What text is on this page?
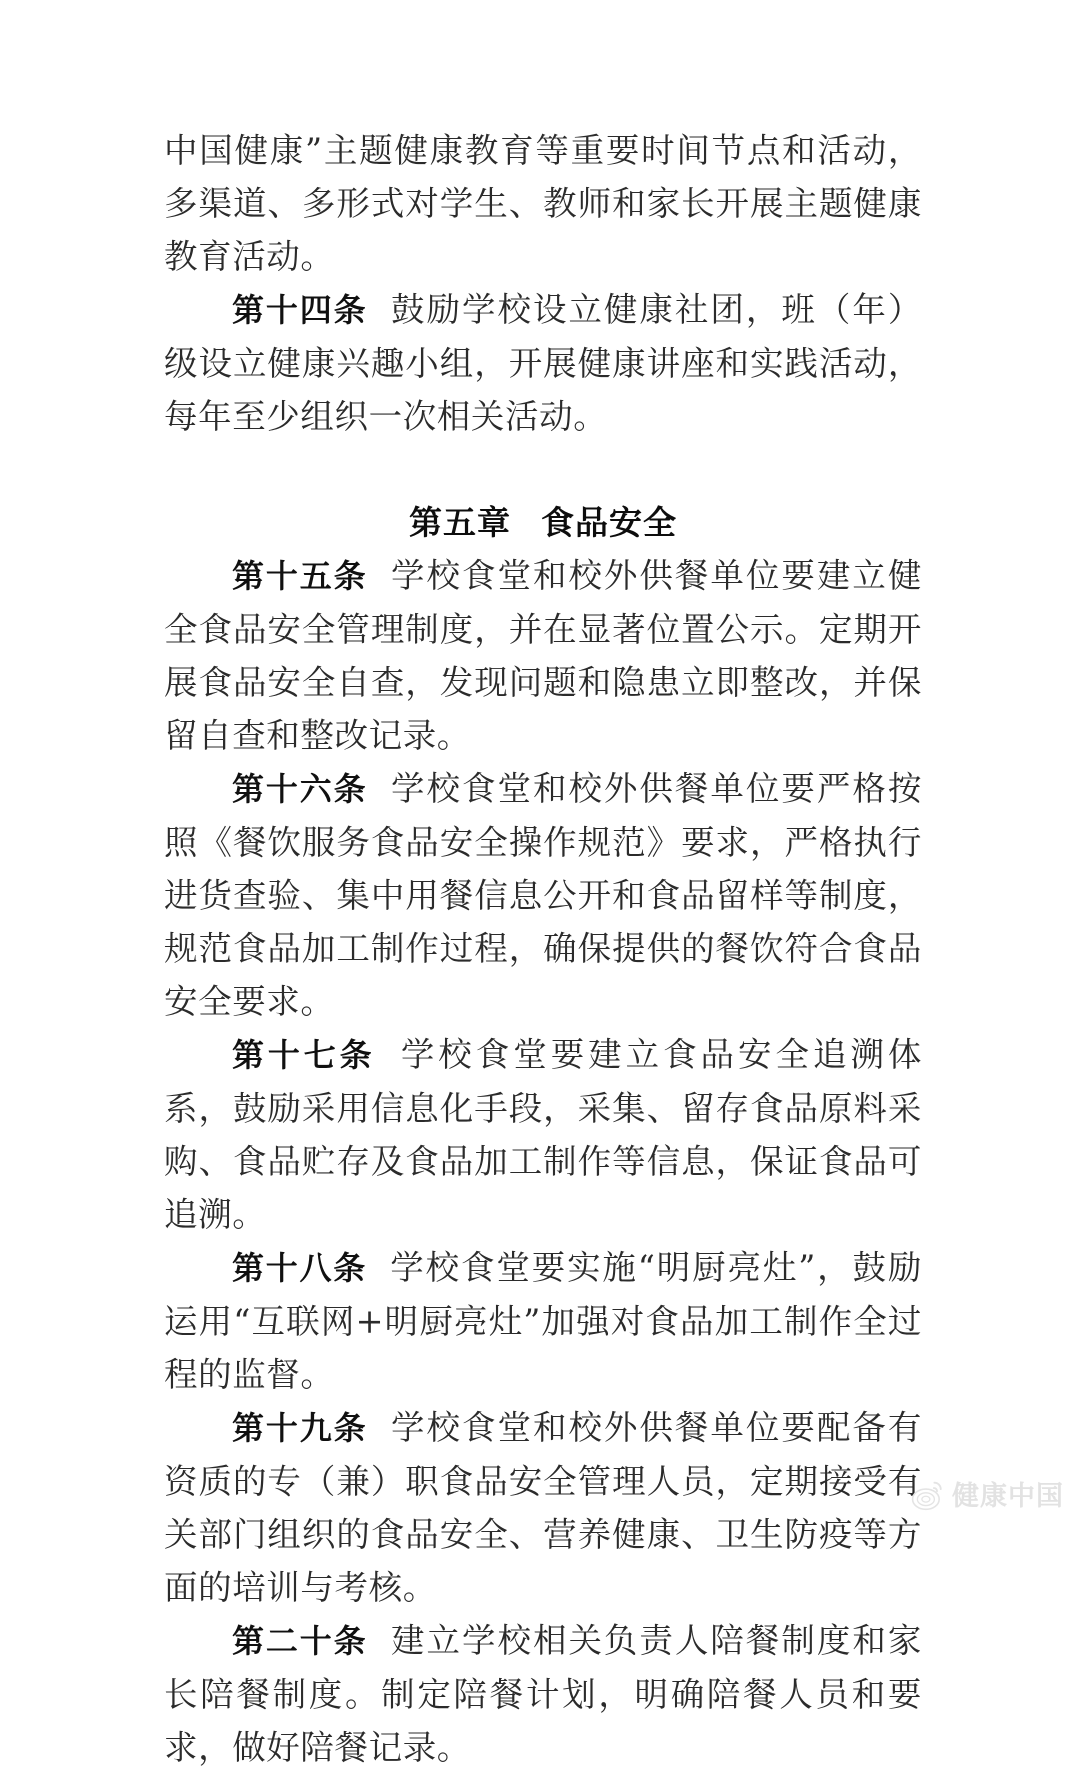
中国健康”主题健康教育等重要时间节点和活动，多渠道、多形式对学生、教师和家长开展主题健康教育活动。

第十四条 鼓励学校设立健康社团，班（年）级设立健康兴趣小组，开展健康讲座和实践活动，每年至少组织一次相关活动。

第五章 食品安全

第十五条 学校食堂和校外供餐单位要建立健全食品安全管理制度，并在显著位置公示。定期开展食品安全自查，发现问题和隐患立即整改，并保留自查和整改记录。

第十六条 学校食堂和校外供餐单位要严格按照《餐饮服务食品安全操作规范》要求，严格执行进货查验、集中用餐信息公开和食品留样等制度，规范食品加工制作过程，确保提供的餐饮符合食品安全要求。

第十七条 学校食堂要建立食品安全追溯体系，鼓励采用信息化手段，采集、留存食品原料采购、食品贮存及食品加工制作等信息，保证食品可追溯。

第十八条 学校食堂要实施“明厨亮灶”，鼓励运用“互联网+明厨亮灶”加强对食品加工制作全过程的监督。

第十九条 学校食堂和校外供餐单位要配备有资质的专（兼）职食品安全管理人员，定期接受有关部门组织的食品安全、营养健康、卫生防疫等方面的培训与考核。

第二十条 建立学校相关负责人陪餐制度和家长陪餐制度。制定陪餐计划，明确陪餐人员和要求，做好陪餐记录。

健康中国
